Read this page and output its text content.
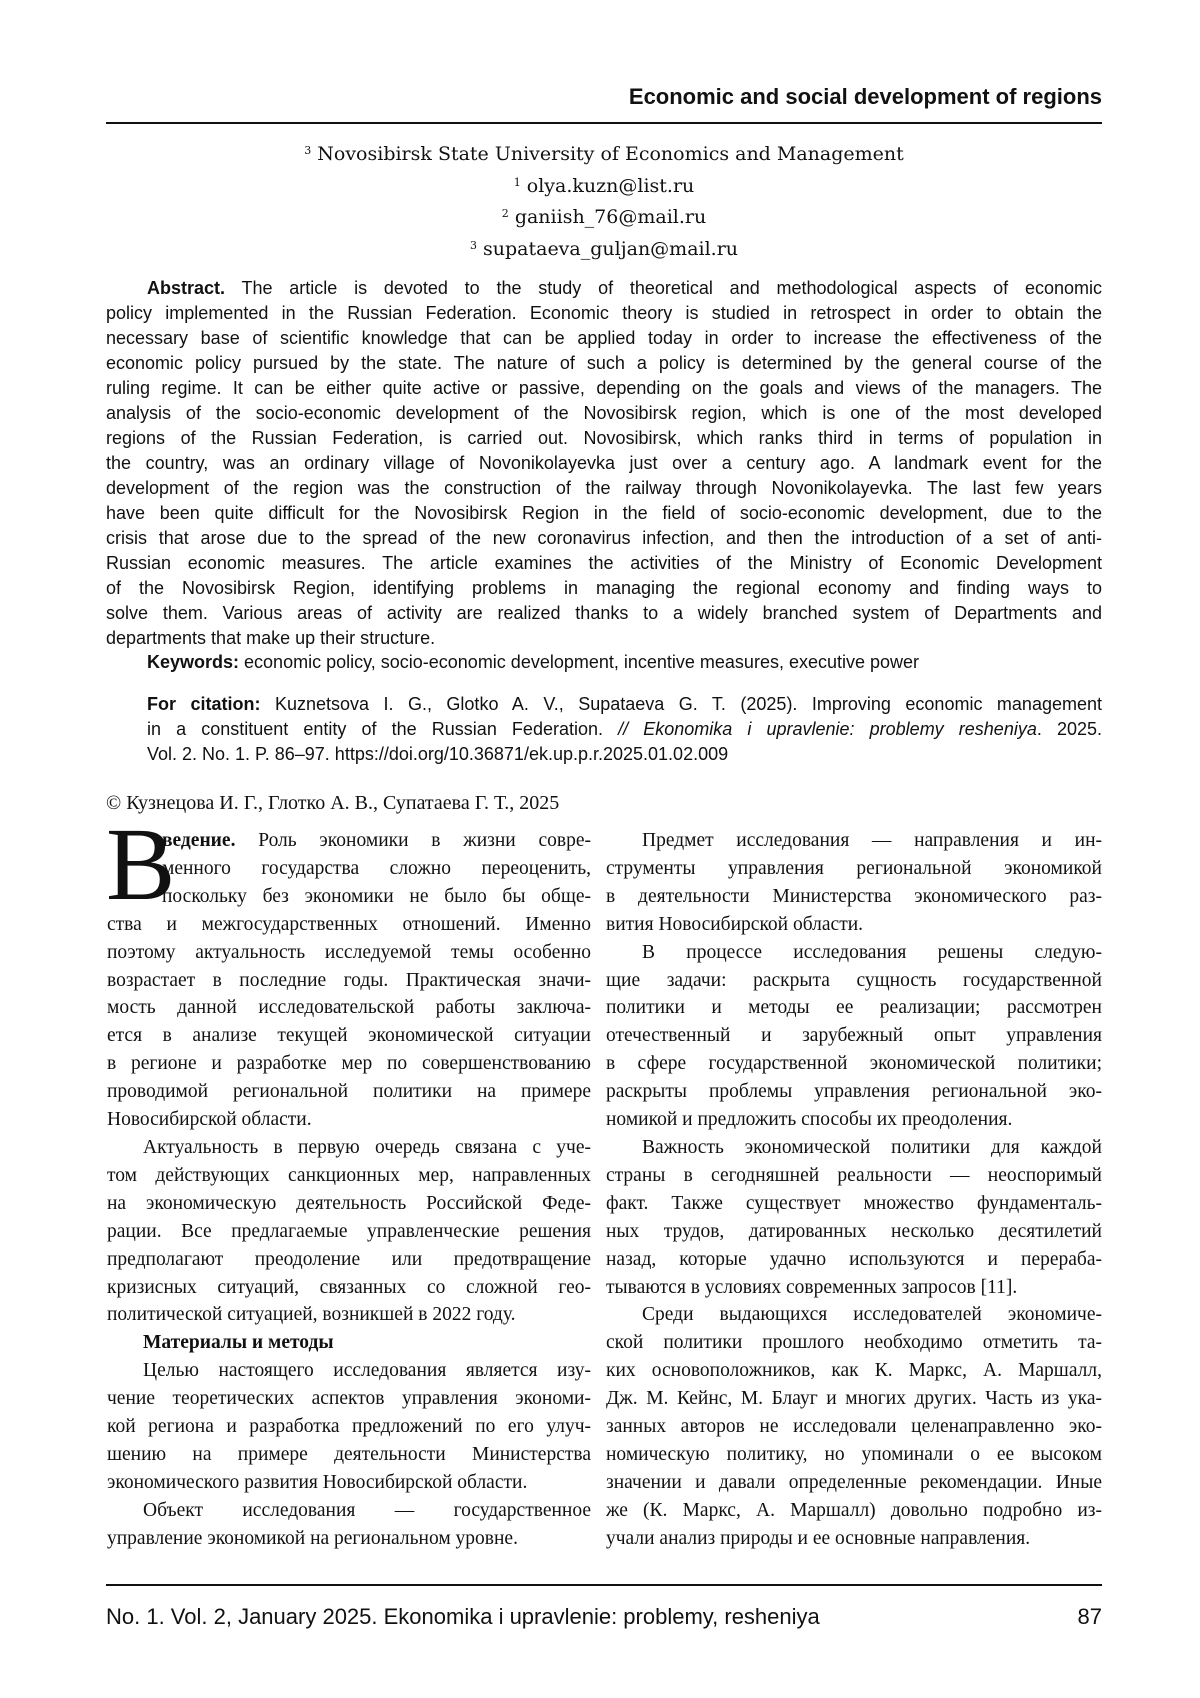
Economic and social development of regions
3 Novosibirsk State University of Economics and Management
1 olya.kuzn@list.ru
2 ganiish_76@mail.ru
3 supataeva_guljan@mail.ru
Abstract. The article is devoted to the study of theoretical and methodological aspects of economic
policy implemented in the Russian Federation. Economic theory is studied in retrospect in order to obtain the
necessary base of scientific knowledge that can be applied today in order to increase the effectiveness of the
economic policy pursued by the state. The nature of such a policy is determined by the general course of the
ruling regime. It can be either quite active or passive, depending on the goals and views of the managers. The
analysis of the socio-economic development of the Novosibirsk region, which is one of the most developed
regions of the Russian Federation, is carried out. Novosibirsk, which ranks third in terms of population in
the country, was an ordinary village of Novonikolayevka just over a century ago. A landmark event for the
development of the region was the construction of the railway through Novonikolayevka. The last few years
have been quite difficult for the Novosibirsk Region in the field of socio-economic development, due to the
crisis that arose due to the spread of the new coronavirus infection, and then the introduction of a set of anti-
Russian economic measures. The article examines the activities of the Ministry of Economic Development
of the Novosibirsk Region, identifying problems in managing the regional economy and finding ways to
solve them. Various areas of activity are realized thanks to a widely branched system of Departments and
departments that make up their structure.
Keywords: economic policy, socio-economic development, incentive measures, executive power
For citation: Kuznetsova I. G., Glotko A. V., Supataeva G. T. (2025). Improving economic management
in a constituent entity of the Russian Federation. // Ekonomika i upravlenie: problemy resheniya. 2025.
Vol. 2. No. 1. P. 86–97. https://doi.org/10.36871/ek.up.p.r.2025.01.02.009
© Кузнецова И. Г., Глотко А. В., Супатаева Г. Т., 2025
В
ведение. Роль экономики в жизни совре-
менного государства сложно переоценить,
поскольку без экономики не было бы обще-
ства и межгосударственных отношений. Именно
поэтому актуальность исследуемой темы особенно
возрастает в последние годы. Практическая значи-
мость данной исследовательской работы заключа-
ется в анализе текущей экономической ситуации
в регионе и разработке мер по совершенствованию
проводимой региональной политики на примере
Новосибирской области.
Актуальность в первую очередь связана с уче-
том действующих санкционных мер, направленных
на экономическую деятельность Российской Феде-
рации. Все предлагаемые управленческие решения
предполагают преодоление или предотвращение
кризисных ситуаций, связанных со сложной гео-
политической ситуацией, возникшей в 2022 году.
Материалы и методы
Целью настоящего исследования является изу-
чение теоретических аспектов управления экономи-
кой региона и разработка предложений по его улуч-
шению на примере деятельности Министерства
экономического развития Новосибирской области.
Объект исследования — государственное
управление экономикой на региональном уровне.
Предмет исследования — направления и ин-
струменты управления региональной экономикой
в деятельности Министерства экономического раз-
вития Новосибирской области.
В процессе исследования решены следую-
щие задачи: раскрыта сущность государственной
политики и методы ее реализации; рассмотрен
отечественный и зарубежный опыт управления
в сфере государственной экономической политики;
раскрыты проблемы управления региональной эко-
номикой и предложить способы их преодоления.
Важность экономической политики для каждой
страны в сегодняшней реальности — неоспоримый
факт. Также существует множество фундаменталь-
ных трудов, датированных несколько десятилетий
назад, которые удачно используются и перераба-
тываются в условиях современных запросов [11].
Среди выдающихся исследователей экономиче-
ской политики прошлого необходимо отметить та-
ких основоположников, как К. Маркс, А. Маршалл,
Дж. М. Кейнс, М. Блауг и многих других. Часть из ука-
занных авторов не исследовали целенаправленно эко-
номическую политику, но упоминали о ее высоком
значении и давали определенные рекомендации. Иные
же (К. Маркс, А. Маршалл) довольно подробно из-
учали анализ природы и ее основные направления.
No. 1. Vol. 2, January 2025. Ekonomika i upravlenie: problemy, resheniya	87
